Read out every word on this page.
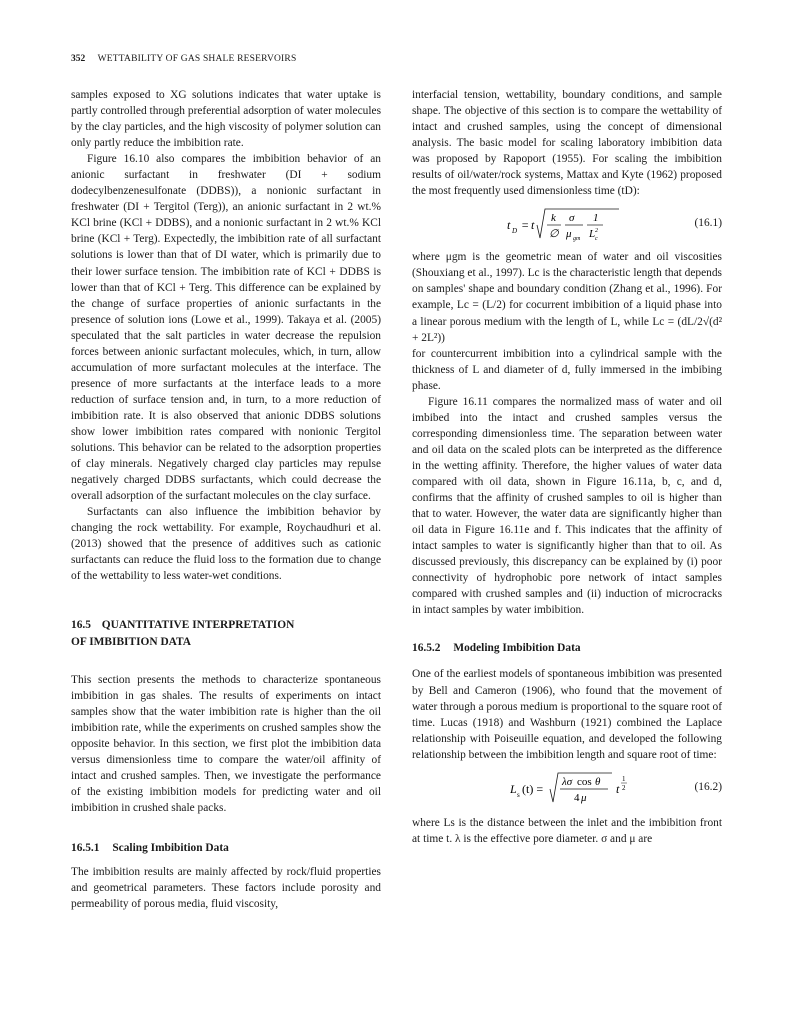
352 WETTABILITY OF GAS SHALE RESERVOIRS

samples exposed to XG solutions indicates that water uptake is partly controlled through preferential adsorption of water molecules by the clay particles, and the high viscosity of polymer solution can only partly reduce the imbibition rate.

Figure 16.10 also compares the imbibition behavior of an anionic surfactant in freshwater (DI + sodium dodecylbenzenesulfonate (DDBS)), a nonionic surfactant in freshwater (DI + Tergitol (Terg)), an anionic surfactant in 2 wt.% KCl brine (KCl + DDBS), and a nonionic surfactant in 2 wt.% KCl brine (KCl + Terg). Expectedly, the imbibition rate of all surfactant solutions is lower than that of DI water, which is primarily due to their lower surface tension. The imbibition rate of KCl + DDBS is lower than that of KCl + Terg. This difference can be explained by the change of surface properties of anionic surfactants in the presence of solution ions (Lowe et al., 1999). Takaya et al. (2005) speculated that the salt particles in water decrease the repulsion forces between anionic surfactant molecules, which, in turn, allow accumulation of more surfactant molecules at the interface. The presence of more surfactants at the interface leads to a more reduction of surface tension and, in turn, to a more reduction of imbibition rate. It is also observed that anionic DDBS solutions show lower imbibition rates compared with nonionic Tergitol solutions. This behavior can be related to the adsorption properties of clay minerals. Negatively charged clay particles may repulse negatively charged DDBS surfactants, which could decrease the overall adsorption of the surfactant molecules on the clay surface.

Surfactants can also influence the imbibition behavior by changing the rock wettability. For example, Roychaudhuri et al. (2013) showed that the presence of additives such as cationic surfactants can reduce the fluid loss to the formation due to change of the wettability to less water-wet conditions.

16.5 QUANTITATIVE INTERPRETATION
OF IMBIBITION DATA

This section presents the methods to characterize spontaneous imbibition in gas shales. The results of experiments on intact samples show that the water imbibition rate is higher than the oil imbibition rate, while the experiments on crushed samples show the opposite behavior. In this section, we first plot the imbibition data versus dimensionless time to compare the water/oil affinity of intact and crushed samples. Then, we investigate the performance of the existing imbibition models for predicting water and oil imbibition in crushed shale packs.

16.5.1 Scaling Imbibition Data

The imbibition results are mainly affected by rock/fluid properties and geometrical parameters. These factors include porosity and permeability of porous media, fluid viscosity,

interfacial tension, wettability, boundary conditions, and sample shape. The objective of this section is to compare the wettability of intact and crushed samples, using the concept of dimensional analysis. The basic model for scaling laboratory imbibition data was proposed by Rapoport (1955). For scaling the imbibition results of oil/water/rock systems, Mattax and Kyte (1962) proposed the most frequently used dimensionless time (tD):

t D = t k
∅
σ
μ gm
1
L 2
c
(16.1)

where μgm is the geometric mean of water and oil viscosities (Shouxiang et al., 1997). Lc is the characteristic length that depends on samples' shape and boundary condition (Zhang et al., 1996). For example, Lc = (L/2) for cocurrent imbibition of a liquid phase into a linear porous medium with the length of L, while Lc = (dL/2√(d² + 2L²))

for countercurrent imbibition into a cylindrical sample with the thickness of L and diameter of d, fully immersed in the imbibing phase.

Figure 16.11 compares the normalized mass of water and oil imbibed into the intact and crushed samples versus the corresponding dimensionless time. The separation between water and oil data on the scaled plots can be interpreted as the difference in the wetting affinity. Therefore, the higher values of water data compared with oil data, shown in Figure 16.11a, b, c, and d, confirms that the affinity of crushed samples to oil is higher than that to water. However, the water data are significantly higher than oil data in Figure 16.11e and f. This indicates that the affinity of intact samples to water is significantly higher than that to oil. As discussed previously, this discrepancy can be explained by (i) poor connectivity of hydrophobic pore network of intact samples compared with crushed samples and (ii) induction of microcracks in intact samples by water imbibition.

16.5.2 Modeling Imbibition Data

One of the earliest models of spontaneous imbibition was presented by Bell and Cameron (1906), who found that the movement of water through a porous medium is proportional to the square root of time. Lucas (1918) and Washburn (1921) combined the Laplace relationship with Poiseuille equation, and developed the following relationship between the imbibition length and square root of time:

L s (t) = λσ cos θ
4 μ
t
1
2	(16.2)

where Ls is the distance between the inlet and the imbibition front at time t. λ is the effective pore diameter. σ and μ are
